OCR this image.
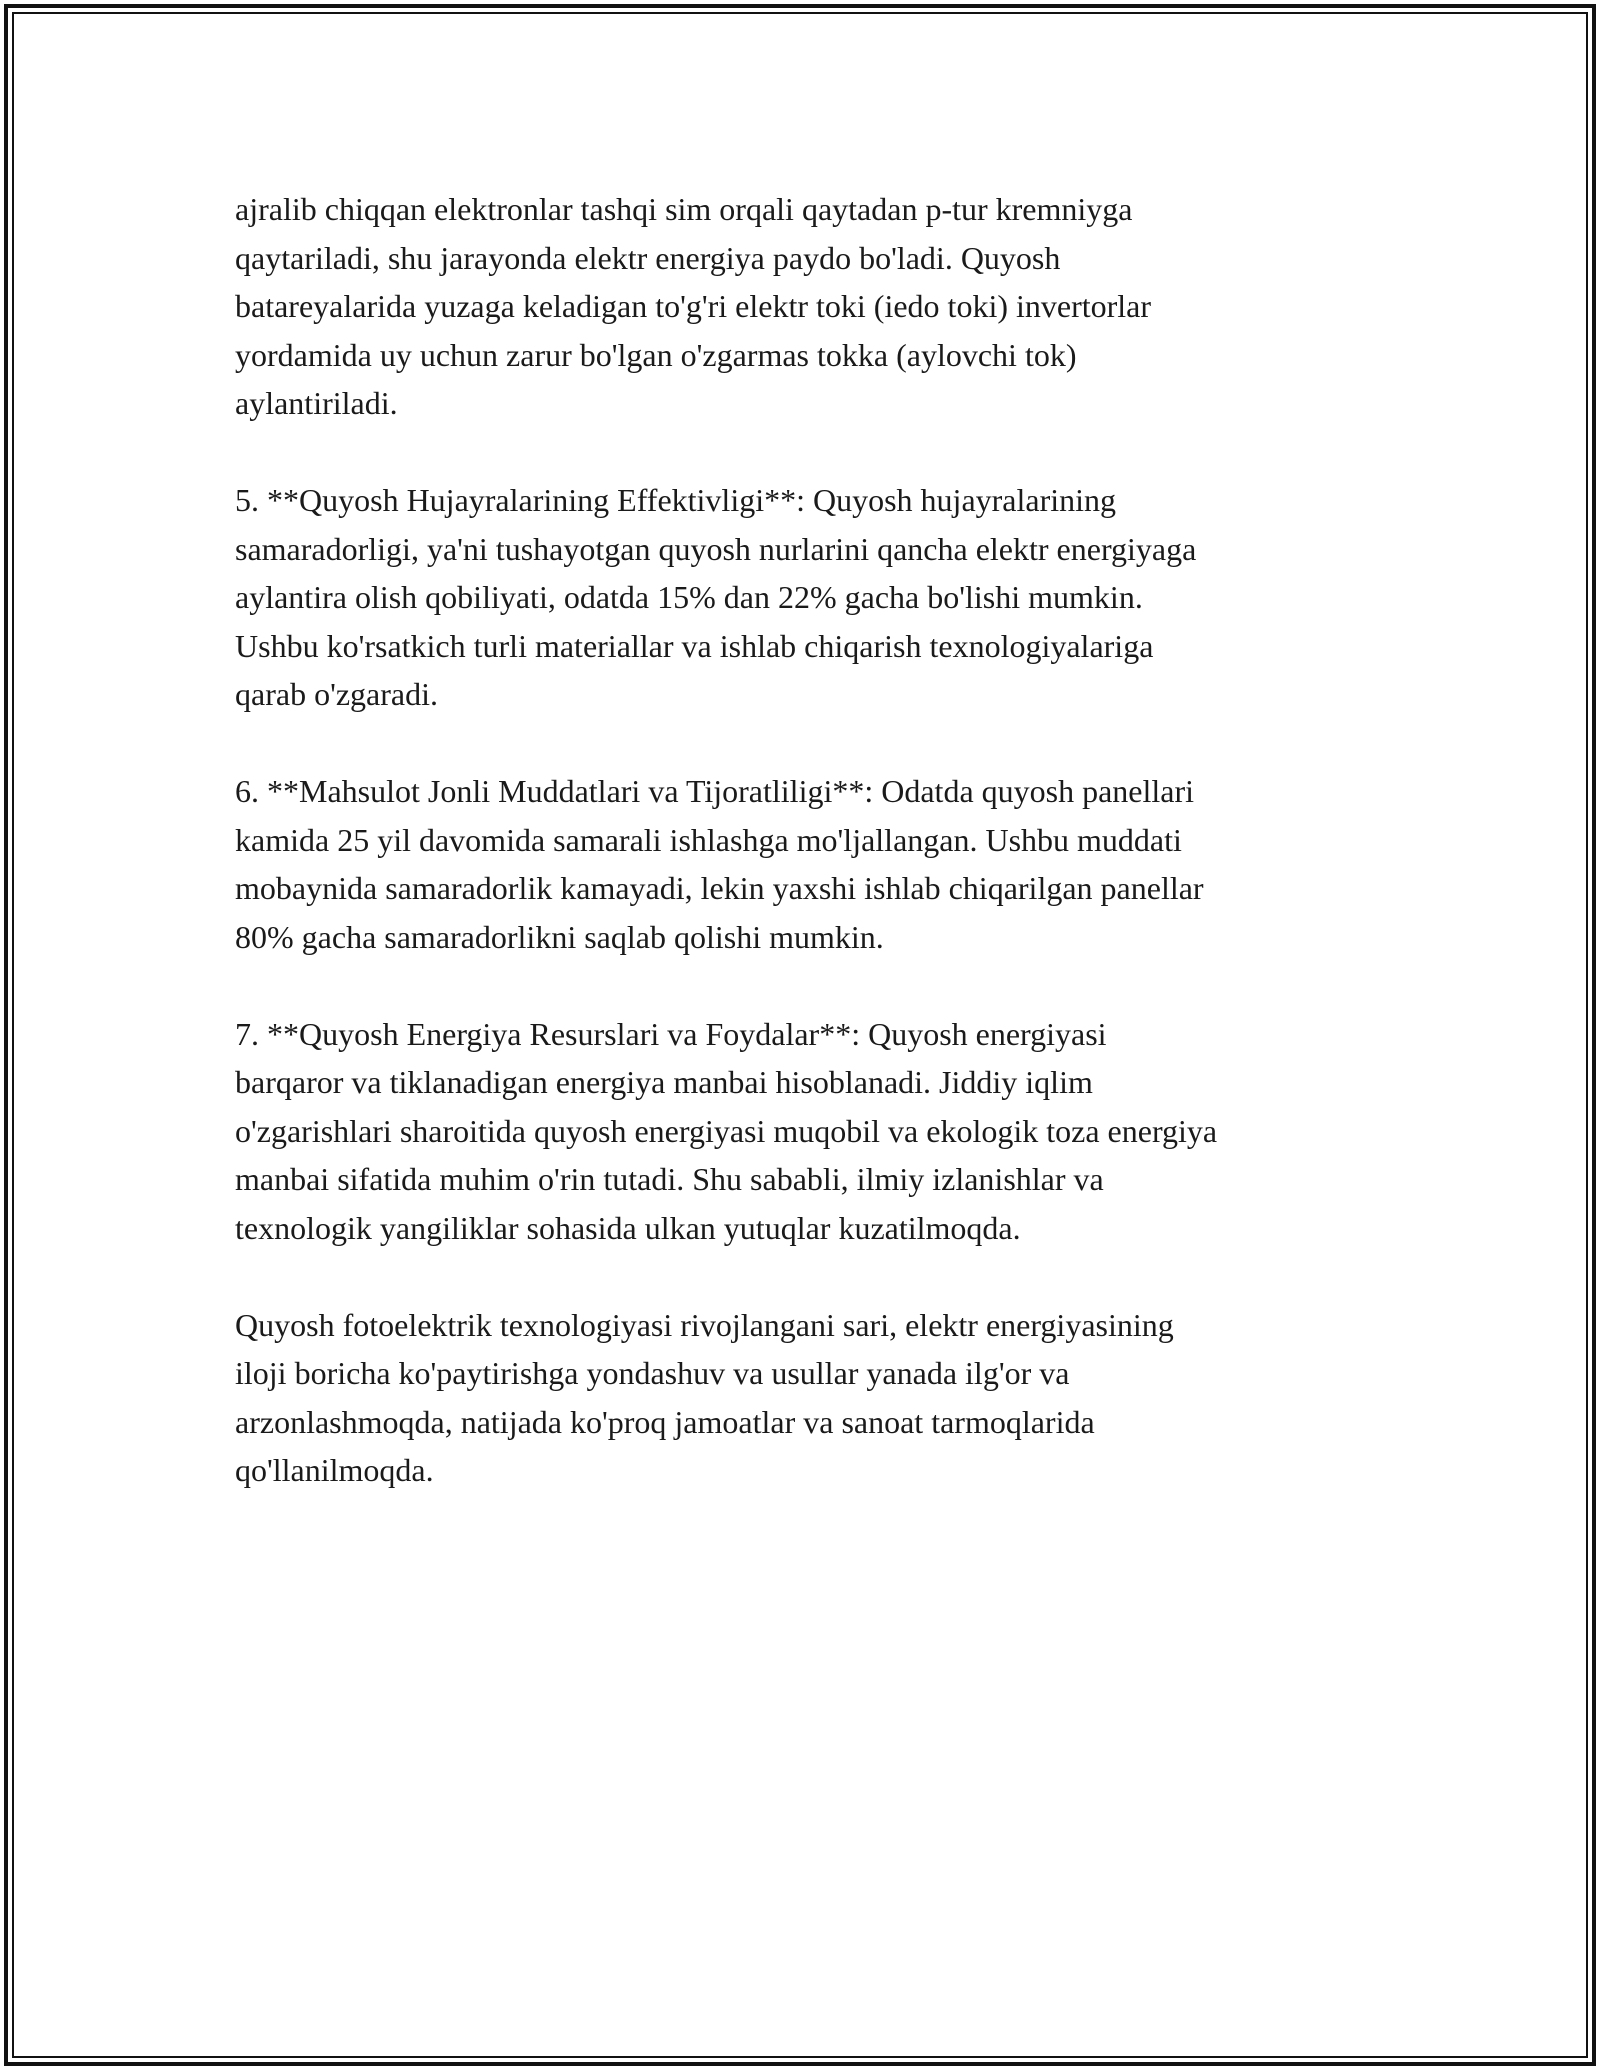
ajralib chiqqan elektronlar tashqi sim orqali qaytadan p-tur kremniyga
qaytariladi, shu jarayonda elektr energiya paydo bo'ladi. Quyosh
batareyalarida yuzaga keladigan to'g'ri elektr toki (iedo toki) invertorlar
yordamida uy uchun zarur bo'lgan o'zgarmas tokka (aylovchi tok)
aylantiriladi.

5. **Quyosh Hujayralarining Effektivligi**: Quyosh hujayralarining
samaradorligi, ya'ni tushayotgan quyosh nurlarini qancha elektr energiyaga
aylantira olish qobiliyati, odatda 15% dan 22% gacha bo'lishi mumkin.
Ushbu ko'rsatkich turli materiallar va ishlab chiqarish texnologiyalariga
qarab o'zgaradi.

6. **Mahsulot Jonli Muddatlari va Tijoratliligi**: Odatda quyosh panellari
kamida 25 yil davomida samarali ishlashga mo'ljallangan. Ushbu muddati
mobaynida samaradorlik kamayadi, lekin yaxshi ishlab chiqarilgan panellar
80% gacha samaradorlikni saqlab qolishi mumkin.

7. **Quyosh Energiya Resurslari va Foydalar**: Quyosh energiyasi
barqaror va tiklanadigan energiya manbai hisoblanadi. Jiddiy iqlim
o'zgarishlari sharoitida quyosh energiyasi muqobil va ekologik toza energiya
manbai sifatida muhim o'rin tutadi. Shu sababli, ilmiy izlanishlar va
texnologik yangiliklar sohasida ulkan yutuqlar kuzatilmoqda.

Quyosh fotoelektrik texnologiyasi rivojlangani sari, elektr energiyasining
iloji boricha ko'paytirishga yondashuv va usullar yanada ilg'or va
arzonlashmoqda, natijada ko'proq jamoatlar va sanoat tarmoqlarida
qo'llanilmoqda.
